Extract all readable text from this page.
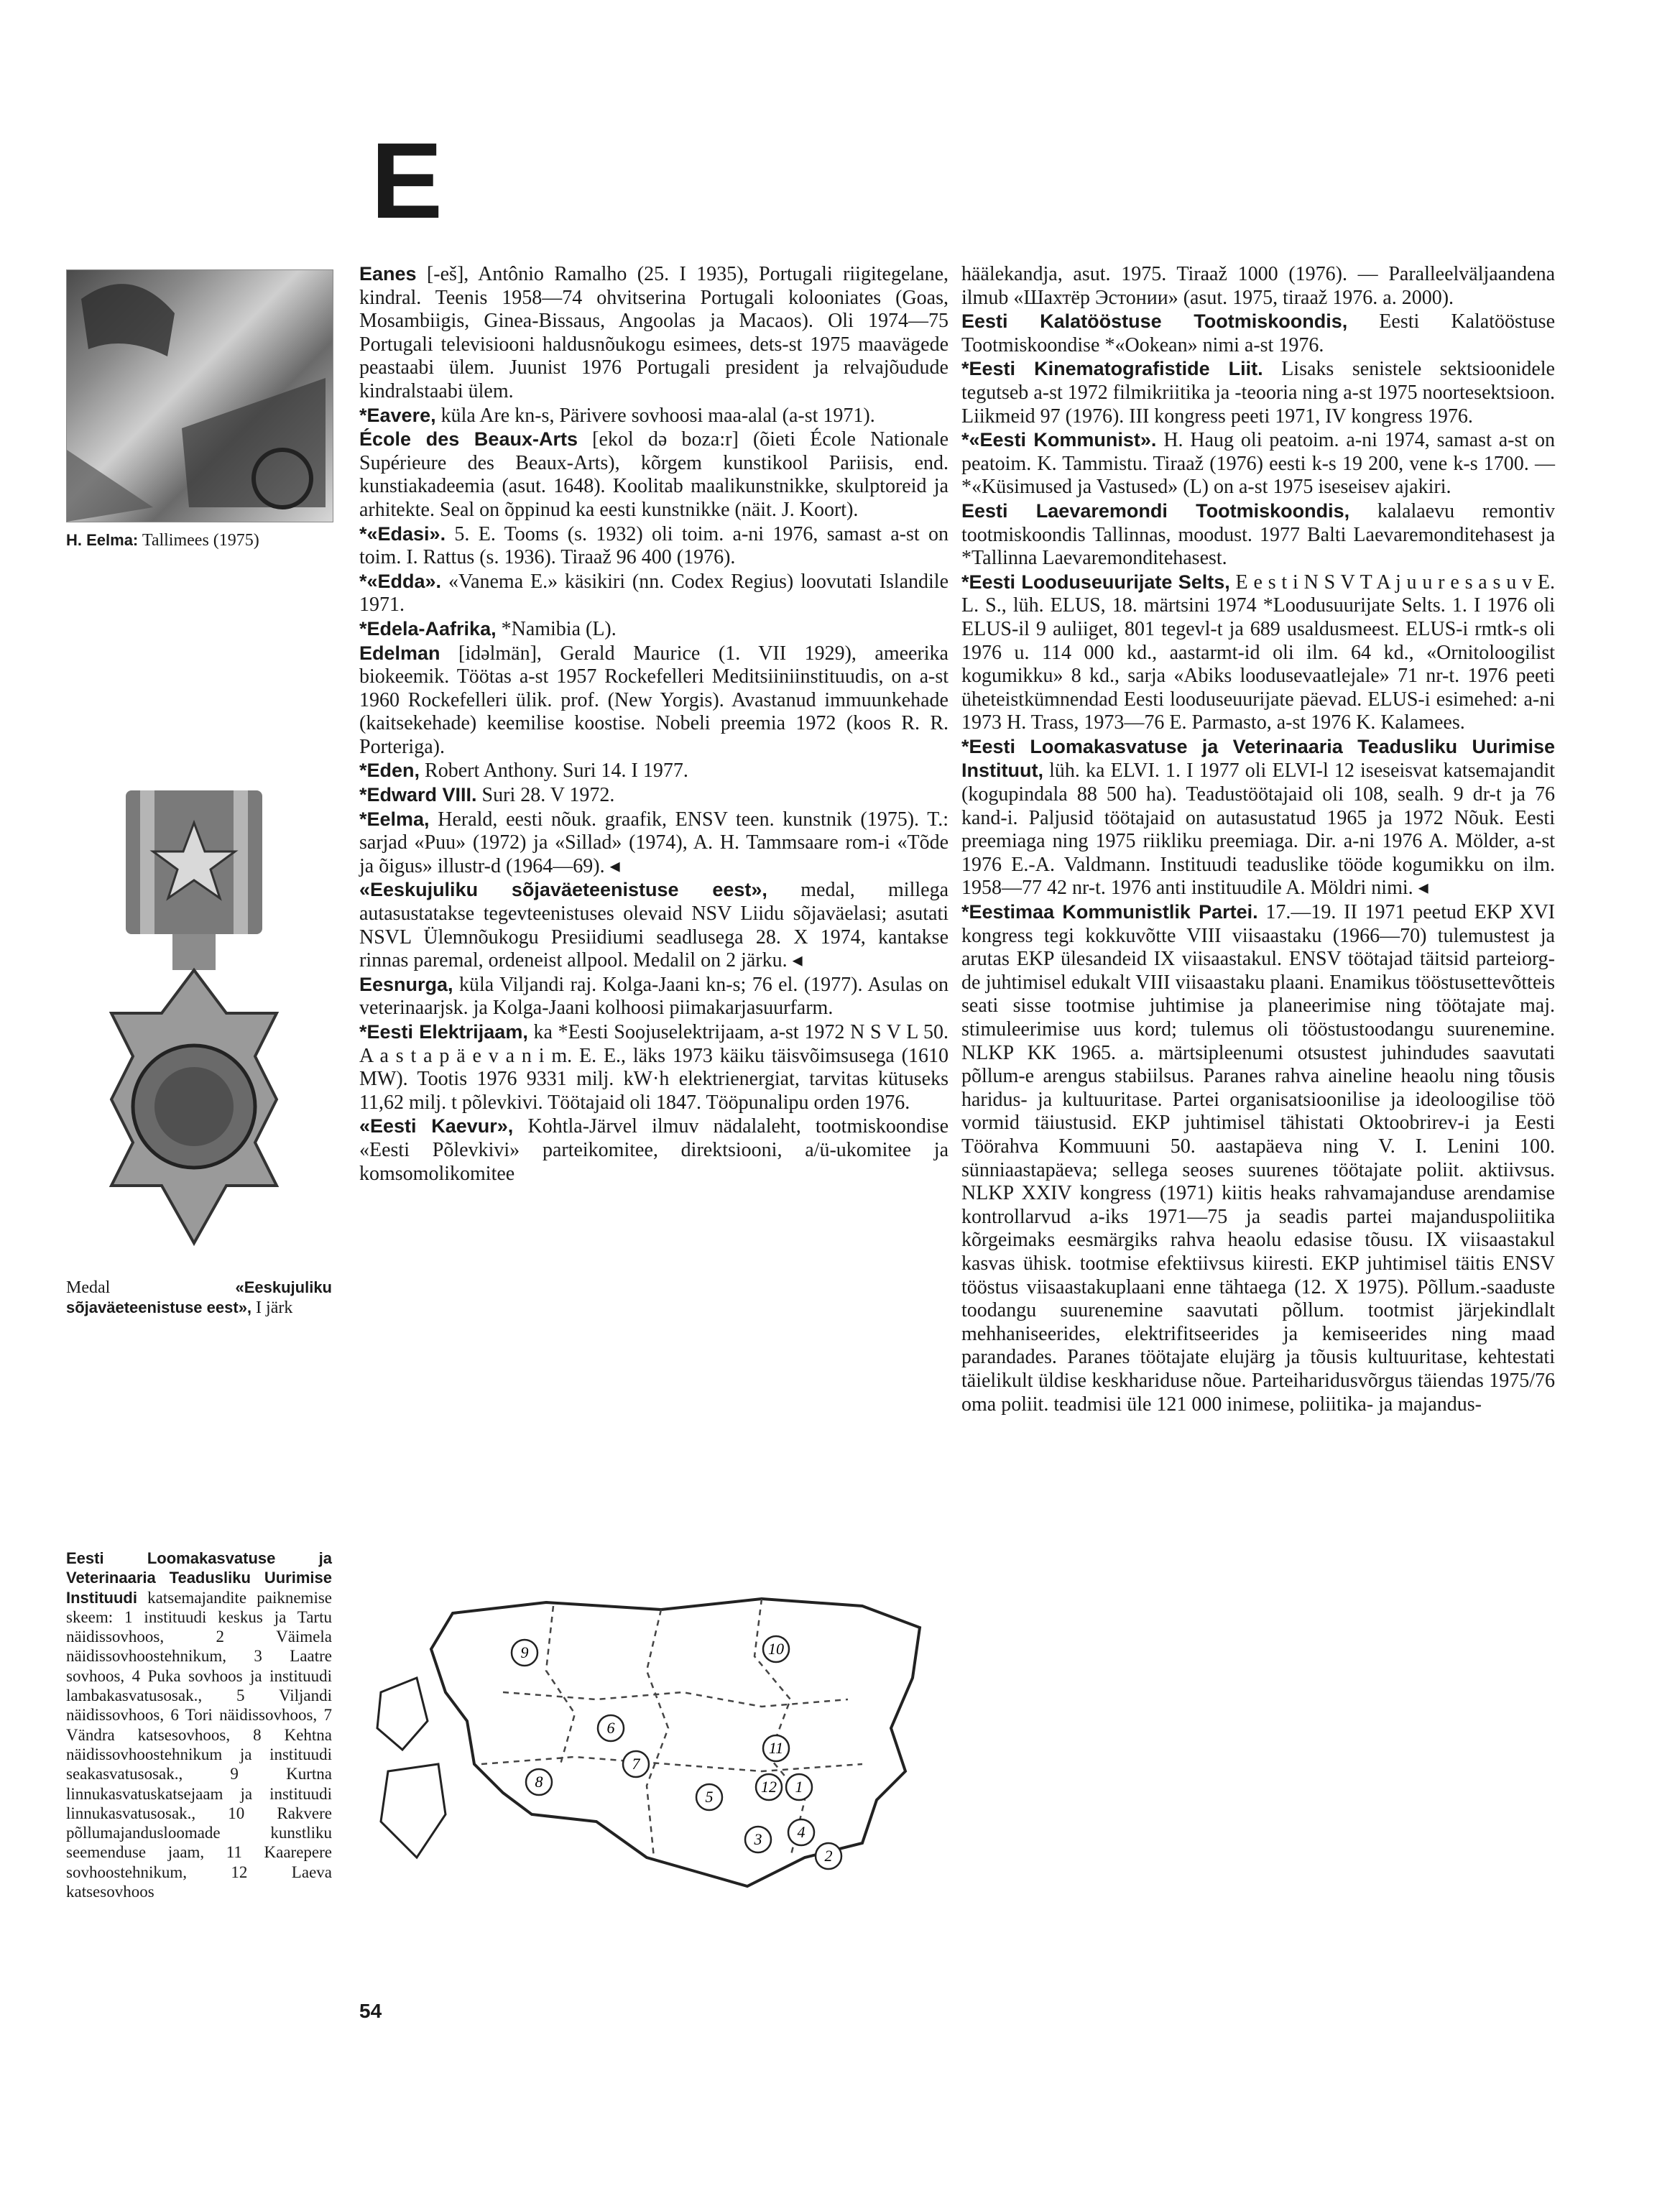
E
H. Eelma: Tallimees (1975)
Medal «Eeskujuliku sõjaväeteenistuse eest», I järk
Eesti Loomakasvatuse ja Veterinaaria Teadusliku Uurimise Instituudi katsemajandite paiknemise skeem: 1 instituudi keskus ja Tartu näidissovhoos, 2 Väimela näidissovhoostehnikum, 3 Laatre sovhoos, 4 Puka sovhoos ja instituudi lambakasvatusosak., 5 Viljandi näidissovhoos, 6 Tori näidissovhoos, 7 Vändra katsesovhoos, 8 Kehtna näidissovhoostehnikum ja instituudi seakasvatusosak., 9 Kurtna linnukasvatuskatsejaam ja instituudi linnukasvatusosak., 10 Rakvere põllumajandusloomade kunstliku seemenduse jaam, 11 Kaarepere sovhoostehnikum, 12 Laeva katsesovhoos

Eanes [-eš], Antônio Ramalho (25. I 1935), Portugali riigitegelane, kindral. Teenis 1958—74 ohvitserina Portugali kolooniates (Goas, Mosambiigis, Ginea-Bissaus, Angoolas ja Macaos). Oli 1974—75 Portugali televisiooni haldusnõukogu esimees, dets-st 1975 maavägede peastaabi ülem. Juunist 1976 Portugali president ja relvajõudude kindralstaabi ülem.

*Eavere, küla Are kn-s, Pärivere sovhoosi maa-alal (a-st 1971).

École des Beaux-Arts [ekol də boza:r] (õieti École Nationale Supérieure des Beaux-Arts), kõrgem kunstikool Pariisis, end. kunstiakadeemia (asut. 1648). Koolitab maalikunstnikke, skulptoreid ja arhitekte. Seal on õppinud ka eesti kunstnikke (näit. J. Koort).

*«Edasi». 5. E. Tooms (s. 1932) oli toim. a-ni 1976, samast a-st on toim. I. Rattus (s. 1936). Tiraaž 96 400 (1976).

*«Edda». «Vanema E.» käsikiri (nn. Codex Regius) loovutati Islandile 1971.

*Edela-Aafrika, *Namibia (L).

Edelman [idəlmän], Gerald Maurice (1. VII 1929), ameerika biokeemik. Töötas a-st 1957 Rockefelleri Meditsiiniinstituudis, on a-st 1960 Rockefelleri ülik. prof. (New Yorgis). Avastanud immuunkehade (kaitsekehade) keemilise koostise. Nobeli preemia 1972 (koos R. R. Porteriga).

*Eden, Robert Anthony. Suri 14. I 1977.

*Edward VIII. Suri 28. V 1972.

*Eelma, Herald, eesti nõuk. graafik, ENSV teen. kunstnik (1975). T.: sarjad «Puu» (1972) ja «Sillad» (1974), A. H. Tammsaare rom-i «Tõde ja õigus» illustr-d (1964—69). ◂

«Eeskujuliku sõjaväeteenistuse eest», medal, millega autasustatakse tegevteenistuses olevaid NSV Liidu sõjaväelasi; asutati NSVL Ülemnõukogu Presiidiumi seadlusega 28. X 1974, kantakse rinnas paremal, ordeneist allpool. Medalil on 2 järku. ◂

Eesnurga, küla Viljandi raj. Kolga-Jaani kn-s; 76 el. (1977). Asulas on veterinaarjsk. ja Kolga-Jaani kolhoosi piimakarjasuurfarm.

*Eesti Elektrijaam, ka *Eesti Soojuselektrijaam, a-st 1972 N S V L 50. A a s t a p ä e v a n i m. E. E., läks 1973 käiku täisvõimsusega (1610 MW). Tootis 1976 9331 milj. kW·h elektrienergiat, tarvitas kütuseks 11,62 milj. t põlevkivi. Töötajaid oli 1847. Tööpunalipu orden 1976.

«Eesti Kaevur», Kohtla-Järvel ilmuv nädalaleht, tootmiskoondise «Eesti Põlevkivi» parteikomitee, direktsiooni, a/ü-ukomitee ja komsomolikomitee

9	10
6
7
8
5
11
12 1
3
2
4

häälekandja, asut. 1975. Tiraaž 1000 (1976). — Paralleelväljaandena ilmub «Шахтёр Эстонии» (asut. 1975, tiraaž 1976. a. 2000).

Eesti Kalatööstuse Tootmiskoondis, Eesti Kalatööstuse Tootmiskoondise *«Ookean» nimi a-st 1976.

*Eesti Kinematografistide Liit. Lisaks senistele sektsioonidele tegutseb a-st 1972 filmikriitika ja -teooria ning a-st 1975 noortesektsioon. Liikmeid 97 (1976). III kongress peeti 1971, IV kongress 1976.

*«Eesti Kommunist». H. Haug oli peatoim. a-ni 1974, samast a-st on peatoim. K. Tammistu. Tiraaž (1976) eesti k-s 19 200, vene k-s 1700. — *«Küsimused ja Vastused» (L) on a-st 1975 iseseisev ajakiri.

Eesti Laevaremondi Tootmiskoondis, kalalaevu remontiv tootmiskoondis Tallinnas, moodust. 1977 Balti Laevaremonditehasest ja *Tallinna Laevaremonditehasest.

*Eesti Looduseuurijate Selts, E e s t i N S V T A j u u r e s a s u v E. L. S., lüh. ELUS, 18. märtsini 1974 *Loodusuurijate Selts. 1. I 1976 oli ELUS-il 9 auliiget, 801 tegevl-t ja 689 usaldusmeest. ELUS-i rmtk-s oli 1976 u. 114 000 kd., aastarmt-id oli ilm. 64 kd., «Ornitoloogilist kogumikku» 8 kd., sarja «Abiks loodusevaatlejale» 71 nr-t. 1976 peeti üheteistkümnendad Eesti looduseuurijate päevad. ELUS-i esimehed: a-ni 1973 H. Trass, 1973—76 E. Parmasto, a-st 1976 K. Kalamees.

*Eesti Loomakasvatuse ja Veterinaaria Teadusliku Uurimise Instituut, lüh. ka ELVI. 1. I 1977 oli ELVI-l 12 iseseisvat katsemajandit (kogupindala 88 500 ha). Teadustöötajaid oli 108, sealh. 9 dr-t ja 76 kand-i. Paljusid töötajaid on autasustatud 1965 ja 1972 Nõuk. Eesti preemiaga ning 1975 riikliku preemiaga. Dir. a-ni 1976 A. Mölder, a-st 1976 E.-A. Valdmann. Instituudi teaduslike tööde kogumikku on ilm. 1958—77 42 nr-t. 1976 anti instituudile A. Möldri nimi. ◂

*Eestimaa Kommunistlik Partei. 17.—19. II 1971 peetud EKP XVI kongress tegi kokkuvõtte VIII viisaastaku (1966—70) tulemustest ja arutas EKP ülesandeid IX viisaastakul. ENSV töötajad täitsid parteiorg-de juhtimisel edukalt VIII viisaastaku plaani. Enamikus tööstusettevõtteis seati sisse tootmise juhtimise ja planeerimise ning töötajate maj. stimuleerimise uus kord; tulemus oli tööstustoodangu suurenemine. NLKP KK 1965. a. märtsipleenumi otsustest juhindudes saavutati põllum-e arengus stabiilsus. Paranes rahva aineline heaolu ning tõusis haridus- ja kultuuritase. Partei organisatsioonilise ja ideoloogilise töö vormid täiustusid. EKP juhtimisel tähistati Oktoobrirev-i ja Eesti Töörahva Kommuuni 50. aastapäeva ning V. I. Lenini 100. sünniaastapäeva; sellega seoses suurenes töötajate poliit. aktiivsus. NLKP XXIV kongress (1971) kiitis heaks rahvamajanduse arendamise kontrollarvud a-iks 1971—75 ja seadis partei majanduspoliitika kõrgeimaks eesmärgiks rahva heaolu edasise tõusu. IX viisaastakul kasvas ühisk. tootmise efektiivsus kiiresti. EKP juhtimisel täitis ENSV tööstus viisaastakuplaani enne tähtaega (12. X 1975). Põllum.-saaduste toodangu suurenemine saavutati põllum. tootmist järjekindlalt mehhaniseerides, elektrifitseerides ja kemiseerides ning maad parandades. Paranes töötajate elujärg ja tõusis kultuuritase, kehtestati täielikult üldise keskhariduse nõue. Parteiharidusvõrgus täiendas 1975/76 oma poliit. teadmisi üle 121 000 inimese, poliitika- ja majandus-

54
